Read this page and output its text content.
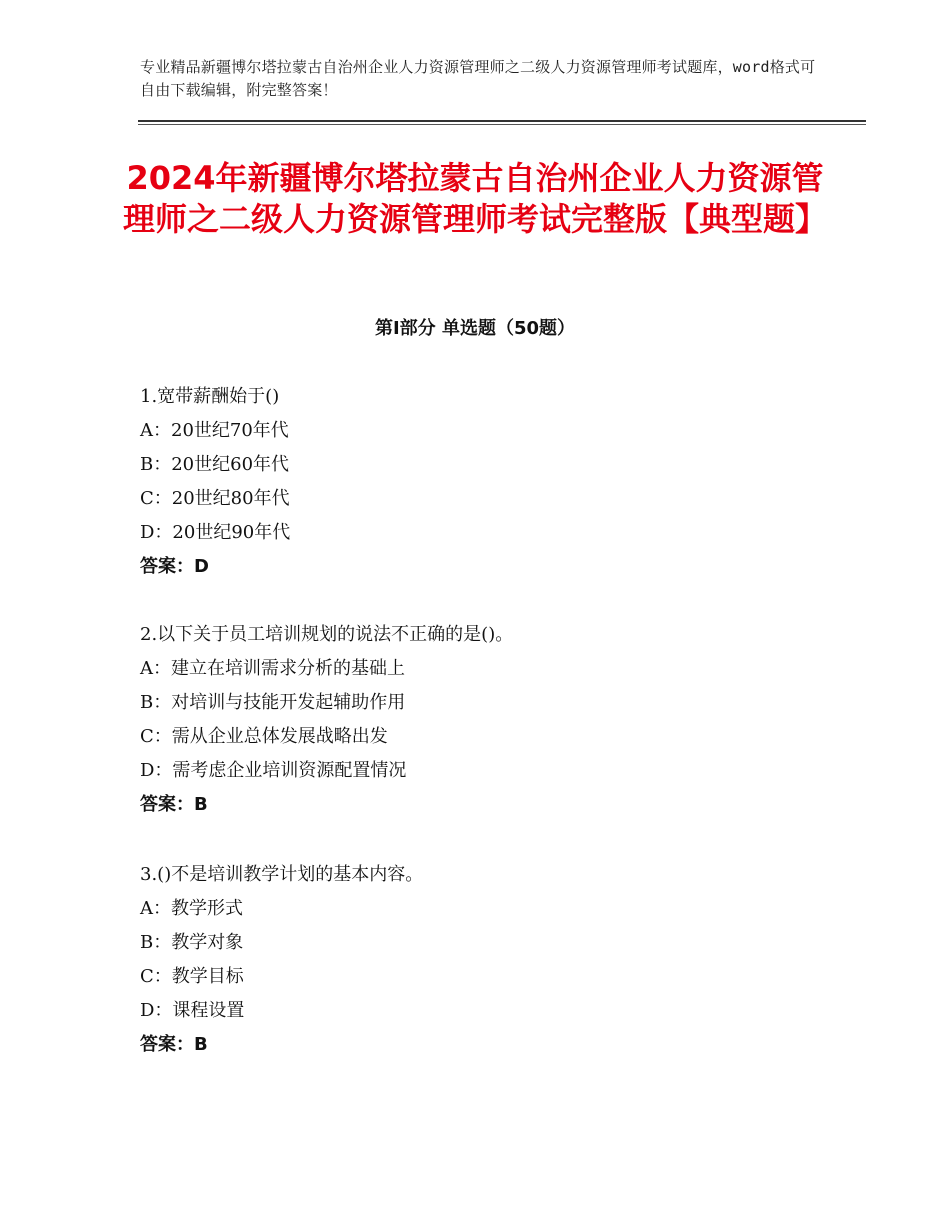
专业精品新疆博尔塔拉蒙古自治州企业人力资源管理师之二级人力资源管理师考试题库，word格式可自由下载编辑，附完整答案！
2024年新疆博尔塔拉蒙古自治州企业人力资源管理师之二级人力资源管理师考试完整版【典型题】
第Ⅰ部分 单选题（50题）
1.宽带薪酬始于()
A：20世纪70年代
B：20世纪60年代
C：20世纪80年代
D：20世纪90年代
答案：D
2.以下关于员工培训规划的说法不正确的是()。
A：建立在培训需求分析的基础上
B：对培训与技能开发起辅助作用
C：需从企业总体发展战略出发
D：需考虑企业培训资源配置情况
答案：B
3.()不是培训教学计划的基本内容。
A：教学形式
B：教学对象
C：教学目标
D：课程设置
答案：B
